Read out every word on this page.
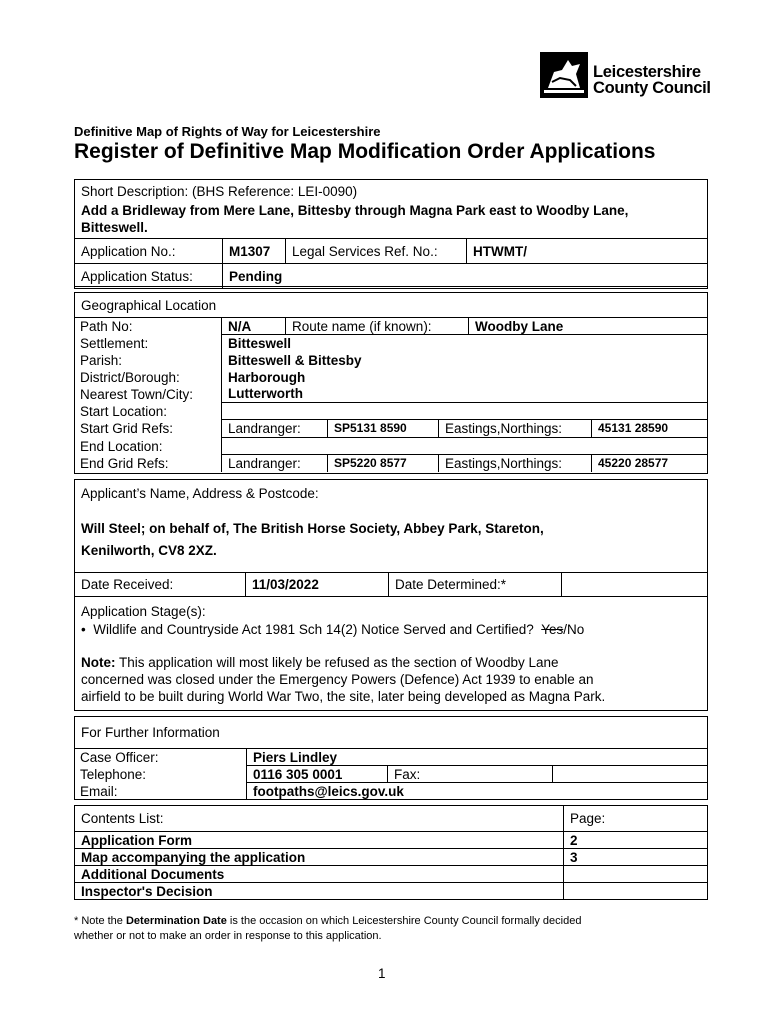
Leicestershire
County Council
Definitive Map of Rights of Way for Leicestershire
Register of Definitive Map Modification Order Applications
Short Description: (BHS Reference: LEI-0090)
Add a Bridleway from Mere Lane, Bittesby through Magna Park east to Woodby Lane, Bitteswell.
Application No.:	M1307	Legal Services Ref. No.:	HTWMT/
Application Status:	Pending		
Geographical Location
Path No:	N/A	Route name (if known):	Woodby Lane
Settlement:	Bitteswell		
Parish:	Bitteswell & Bittesby		
District/Borough:	Harborough		
Nearest Town/City:	Lutterworth		
Start Location:			
Start Grid Refs:	Landranger: SP5131 8590 Eastings,Northings: 45131 28590		

End Location:			
End Grid Refs:	Landranger: SP5220 8577 Eastings,Northings: 45220 28577		
Applicant’s Name, Address & Postcode:
Will Steel; on behalf of, The British Horse Society, Abbey Park, Stareton,
Kenilworth, CV8 2XZ.
Date Received:	11/03/2022	Date Determined:*	
Application Stage(s):
•  Wildlife and Countryside Act 1981 Sch 14(2) Notice Served and Certified? Yes/No
Note: This application will most likely be refused as the section of Woodby Lane
concerned was closed under the Emergency Powers (Defence) Act 1939 to enable an
airfield to be built during World War Two, the site, later being developed as Magna Park.
For Further Information
Case Officer:	Piers Lindley		
Telephone:	0116 305 0001	Fax:	
Email:	footpaths@leics.gov.uk		
Contents List:	Page:
Application Form	2
Map accompanying the application	3
Additional Documents	
Inspector's Decision	
* Note the Determination Date is the occasion on which Leicestershire County Council formally decided
whether or not to make an order in response to this application.
1
